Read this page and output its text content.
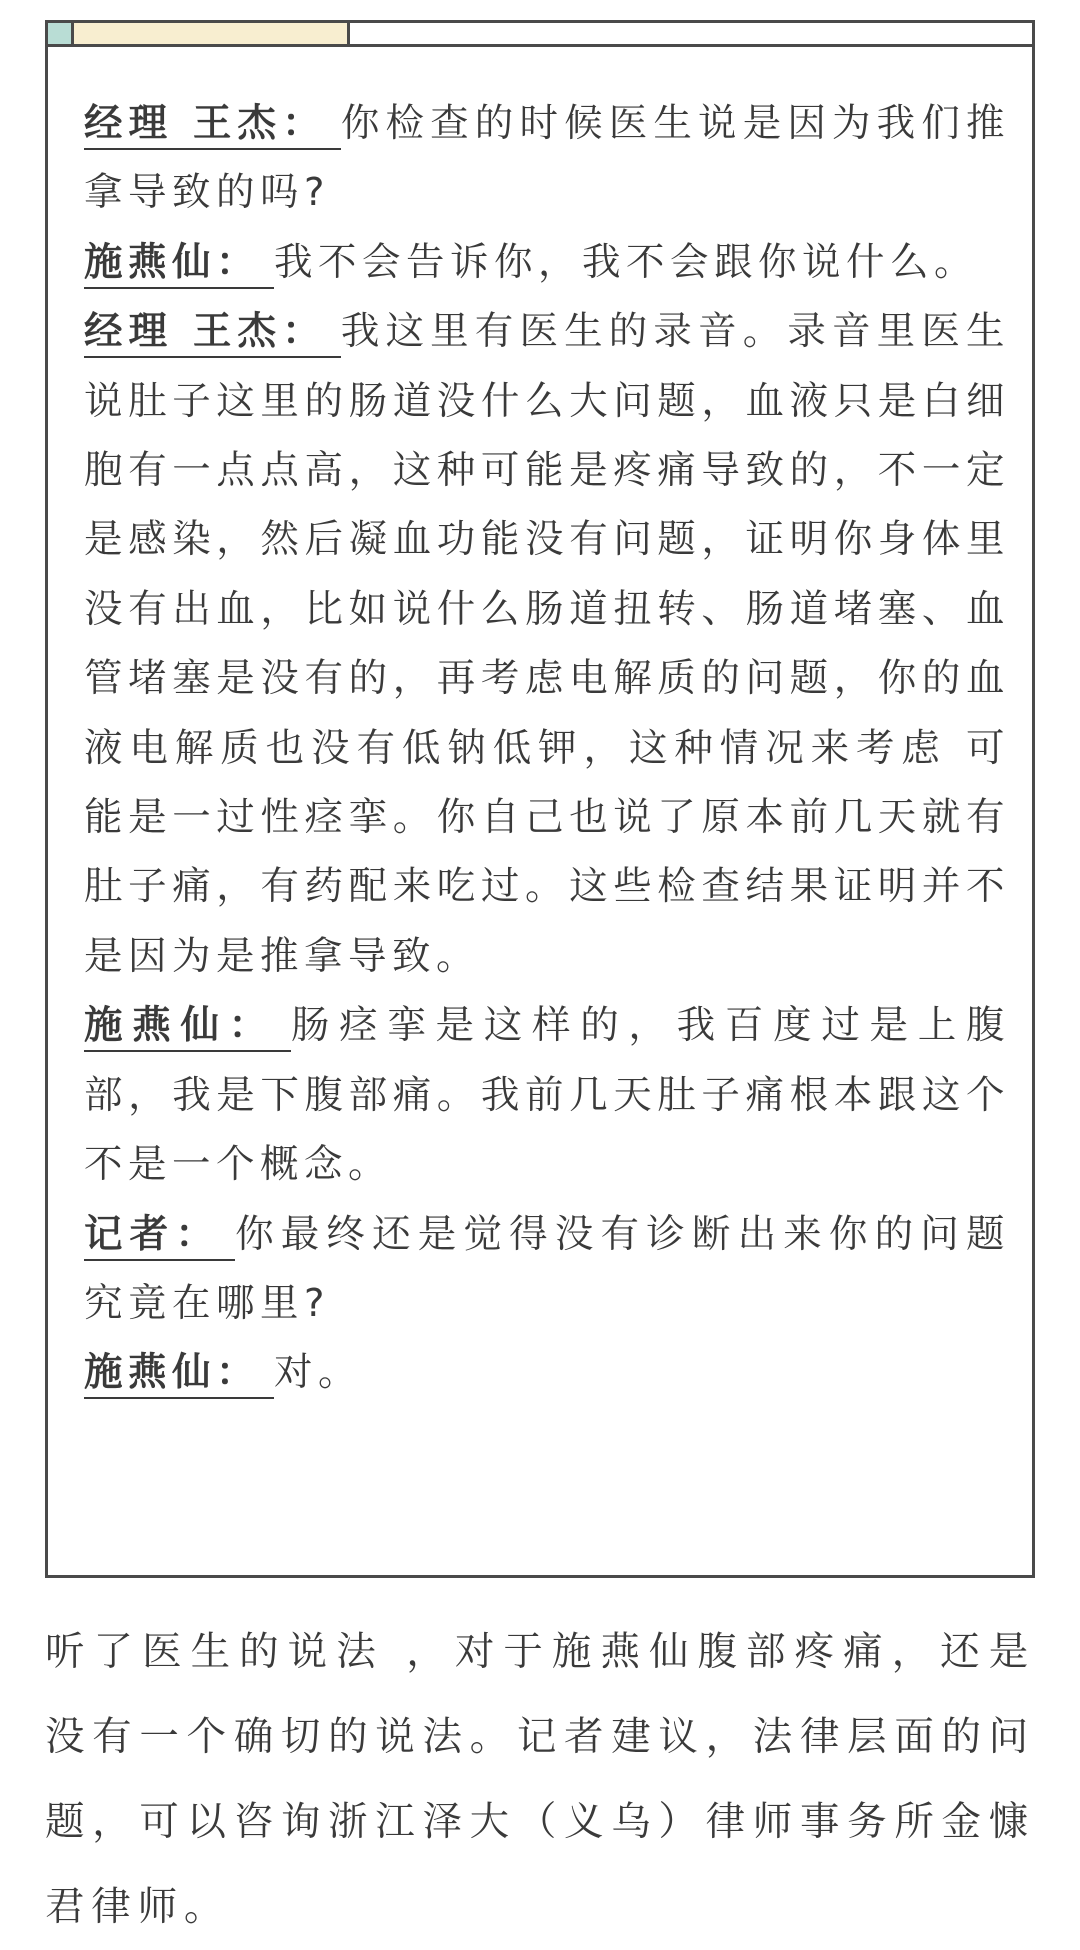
经理 王杰： 你检查的时候医生说是因为我们推拿导致的吗?

施燕仙： 我不会告诉你，我不会跟你说什么。

经理 王杰： 我这里有医生的录音。录音里医生说肚子这里的肠道没什么大问题，血液只是白细胞有一点点高，这种可能是疼痛导致的，不一定是感染，然后凝血功能没有问题，证明你身体里没有出血，比如说什么肠道扭转、肠道堵塞、血管堵塞是没有的，再考虑电解质的问题，你的血液电解质也没有低钠低钾，这种情况来考虑 可能是一过性痉挛。你自己也说了原本前几天就有肚子痛，有药配来吃过。这些检查结果证明并不是因为是推拿导致。

施燕仙： 肠痉挛是这样的，我百度过是上腹部，我是下腹部痛。我前几天肚子痛根本跟这个不是一个概念。

记者： 你最终还是觉得没有诊断出来你的问题究竟在哪里?

施燕仙： 对。

听了医生的说法 ，对于施燕仙腹部疼痛，还是没有一个确切的说法。记者建议，法律层面的问题，可以咨询浙江泽大（义乌）律师事务所金慷君律师。
